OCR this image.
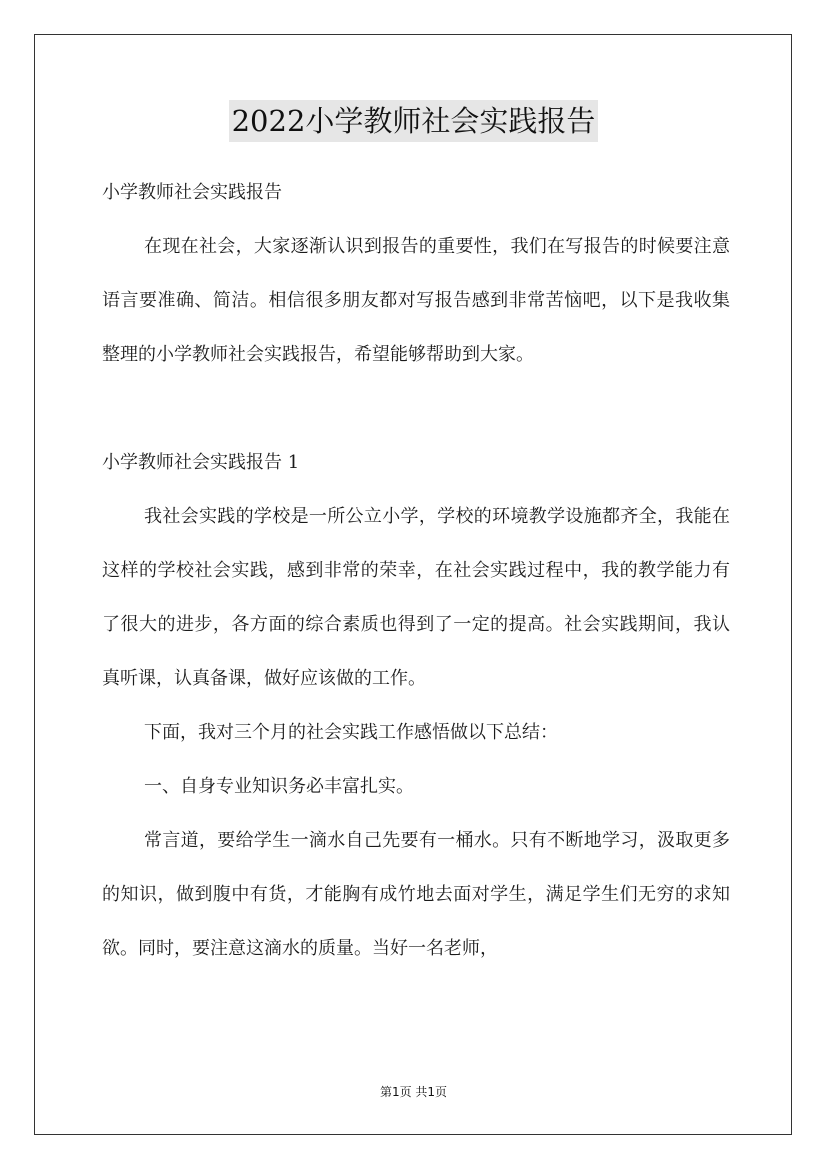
2022小学教师社会实践报告

小学教师社会实践报告

在现在社会，大家逐渐认识到报告的重要性，我们在写报告的时候要注意语言要准确、简洁。相信很多朋友都对写报告感到非常苦恼吧，以下是我收集整理的小学教师社会实践报告，希望能够帮助到大家。

小学教师社会实践报告 1

我社会实践的学校是一所公立小学，学校的环境教学设施都齐全，我能在这样的学校社会实践，感到非常的荣幸，在社会实践过程中，我的教学能力有了很大的进步，各方面的综合素质也得到了一定的提高。社会实践期间，我认真听课，认真备课，做好应该做的工作。

下面，我对三个月的社会实践工作感悟做以下总结：

一、自身专业知识务必丰富扎实。

常言道，要给学生一滴水自己先要有一桶水。只有不断地学习，汲取更多的知识，做到腹中有货，才能胸有成竹地去面对学生，满足学生们无穷的求知欲。同时，要注意这滴水的质量。当好一名老师，

第1页 共1页
